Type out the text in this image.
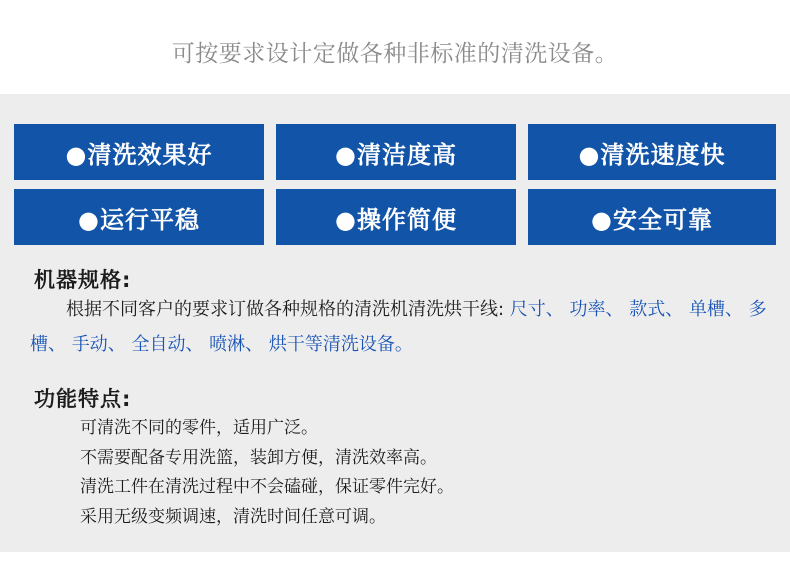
可按要求设计定做各种非标准的清洗设备。
●清洗效果好	●清洁度高	●清洗速度快
●运行平稳	●操作简便	●安全可靠
机器规格:

根据不同客户的要求订做各种规格的清洗机清洗烘干线: 尺寸、 功率、 款式、 单槽、 多槽、 手动、 全自动、 喷淋、 烘干等清洗设备。

功能特点:
可清洗不同的零件，适用广泛。
不需要配备专用洗篮，装卸方便，清洗效率高。
清洗工件在清洗过程中不会磕碰，保证零件完好。
采用无级变频调速，清洗时间任意可调。
